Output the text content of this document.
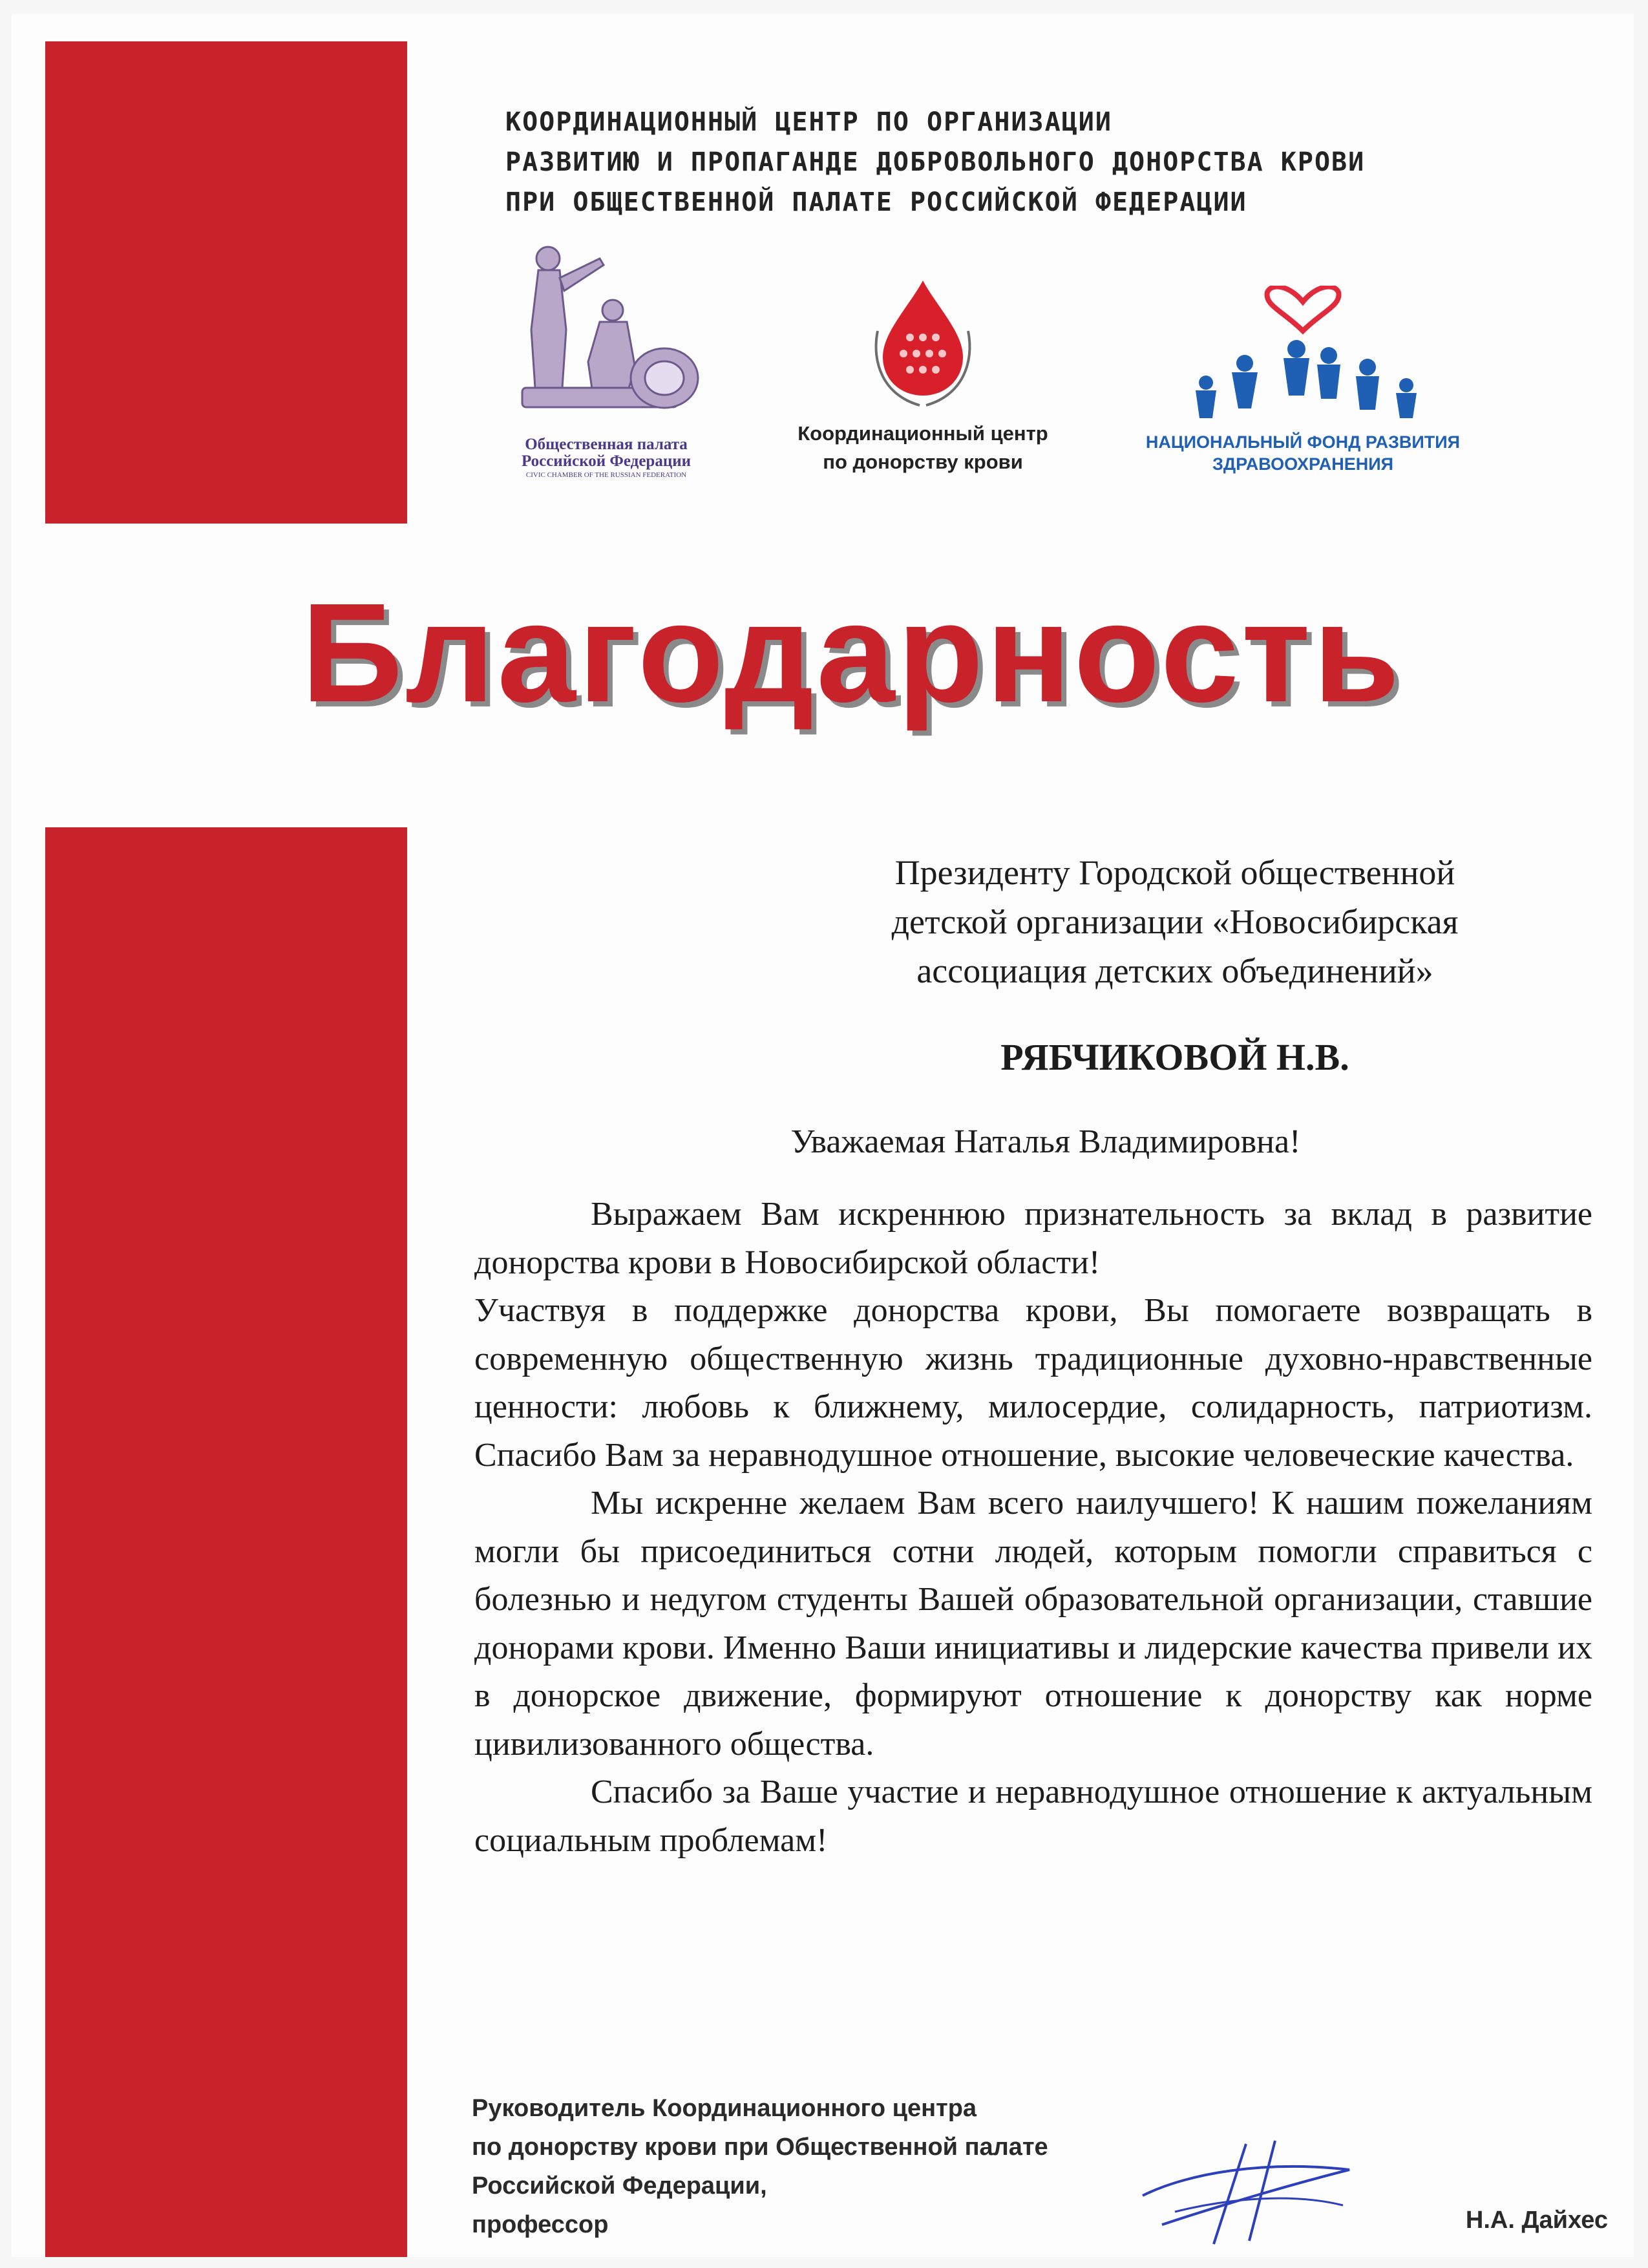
КООРДИНАЦИОННЫЙ ЦЕНТР ПО ОРГАНИЗАЦИИ
РАЗВИТИЮ И ПРОПАГАНДЕ ДОБРОВОЛЬНОГО ДОНОРСТВА КРОВИ
ПРИ ОБЩЕСТВЕННОЙ ПАЛАТЕ РОССИЙСКОЙ ФЕДЕРАЦИИ
Общественная палата
Российской Федерации
CIVIC CHAMBER OF THE RUSSIAN FEDERATION
Координационный центр
по донорству крови
НАЦИОНАЛЬНЫЙ ФОНД РАЗВИТИЯ
ЗДРАВООХРАНЕНИЯ
Благодарность
Президенту Городской общественной
детской организации «Новосибирская
ассоциация детских объединений»
РЯБЧИКОВОЙ Н.В.
Уважаемая Наталья Владимировна!

Выражаем Вам искреннюю признательность за вклад в развитие донорства крови в Новосибирской области!

Участвуя в поддержке донорства крови, Вы помогаете возвращать в современную общественную жизнь традиционные духовно-нравственные ценности: любовь к ближнему, милосердие, солидарность, патриотизм. Спасибо Вам за неравнодушное отношение, высокие человеческие качества.

Мы искренне желаем Вам всего наилучшего! К нашим пожеланиям могли бы присоединиться сотни людей, которым помогли справиться с болезнью и недугом студенты Вашей образовательной организации, ставшие донорами крови. Именно Ваши инициативы и лидерские качества привели их в донорское движение, формируют отношение к донорству как норме цивилизованного общества.

Спасибо за Ваше участие и неравнодушное отношение к актуальным социальным проблемам!

Руководитель Координационного центра
по донорству крови при Общественной палате
Российской Федерации,
профессор	Н.А. Дайхес
